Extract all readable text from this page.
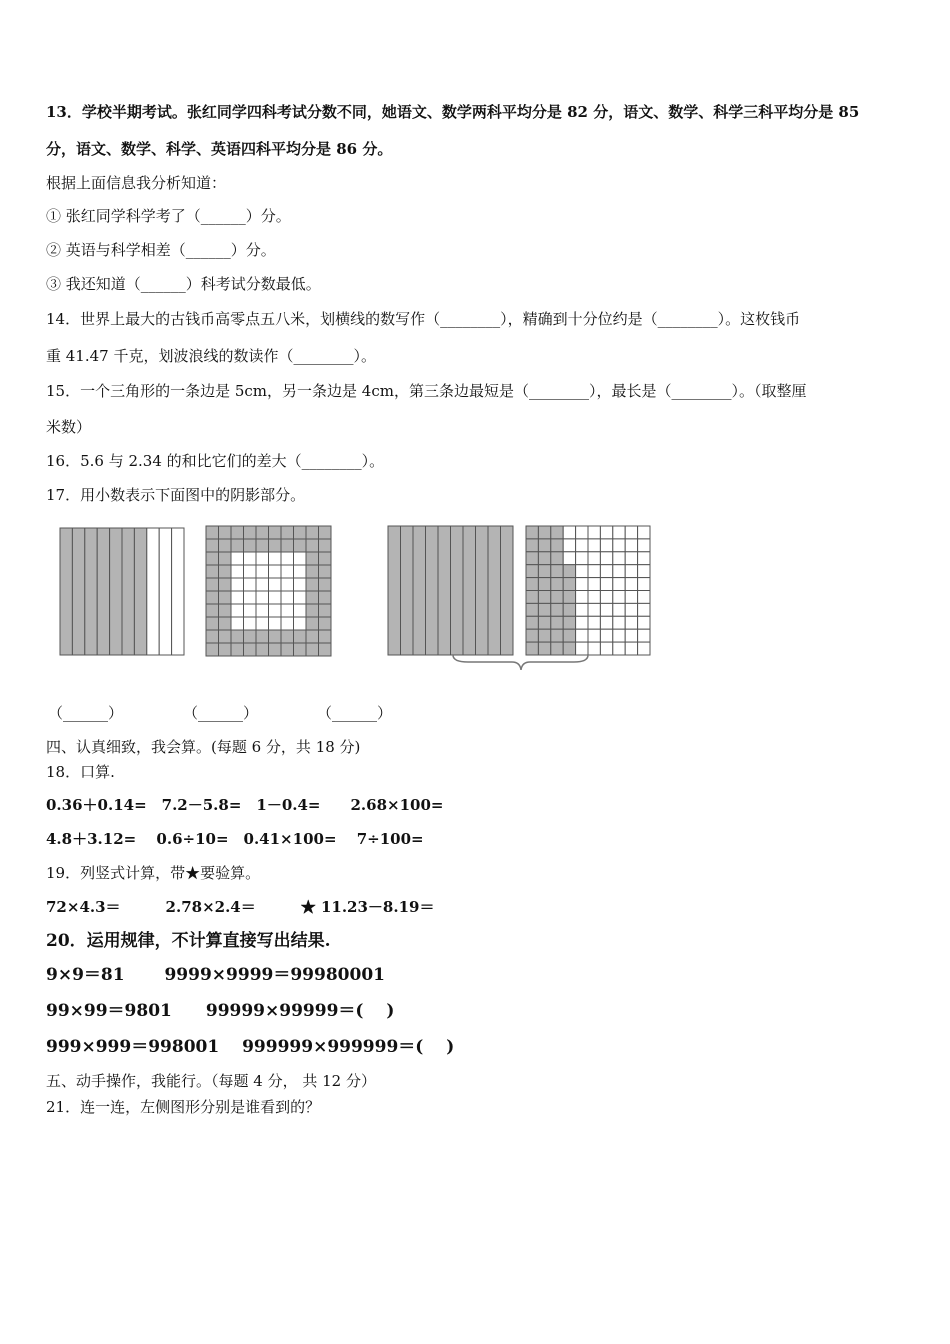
13．学校半期考试。张红同学四科考试分数不同，她语文、数学两科平均分是 82 分，语文、数学、科学三科平均分是 85
分，语文、数学、科学、英语四科平均分是 86 分。
根据上面信息我分析知道：
① 张红同学科学考了（______）分。
② 英语与科学相差（______）分。
③ 我还知道（______）科考试分数最低。
14．世界上最大的古钱币高零点五八米，划横线的数写作（________），精确到十分位约是（________）。这枚钱币
重 41.47 千克，划波浪线的数读作（________）。
15．一个三角形的一条边是 5cm，另一条边是 4cm，第三条边最短是（________），最长是（________）。（取整厘
米数）
16．5.6 与 2.34 的和比它们的差大（________）。
17．用小数表示下面图中的阴影部分。
（______）	（______）	（______）
四、认真细致，我会算。(每题 6 分，共 18 分)
18．口算.
0.36＋0.14=　7.2－5.8=　1－0.4=　　2.68×100=
4.8＋3.12=　 0.6÷10=　0.41×100=　 7÷100=
19．列竖式计算，带★要验算。
72×4.3＝　　　2.78×2.4＝　　　★ 11.23－8.19＝
20．运用规律，不计算直接写出结果.
9×9＝81　　 9999×9999＝99980001
99×99＝9801　　99999×99999＝(　 )
999×999＝998001　 999999×999999＝(　 )
五、动手操作，我能行。（每题 4 分， 共 12 分）
21．连一连，左侧图形分别是谁看到的？
